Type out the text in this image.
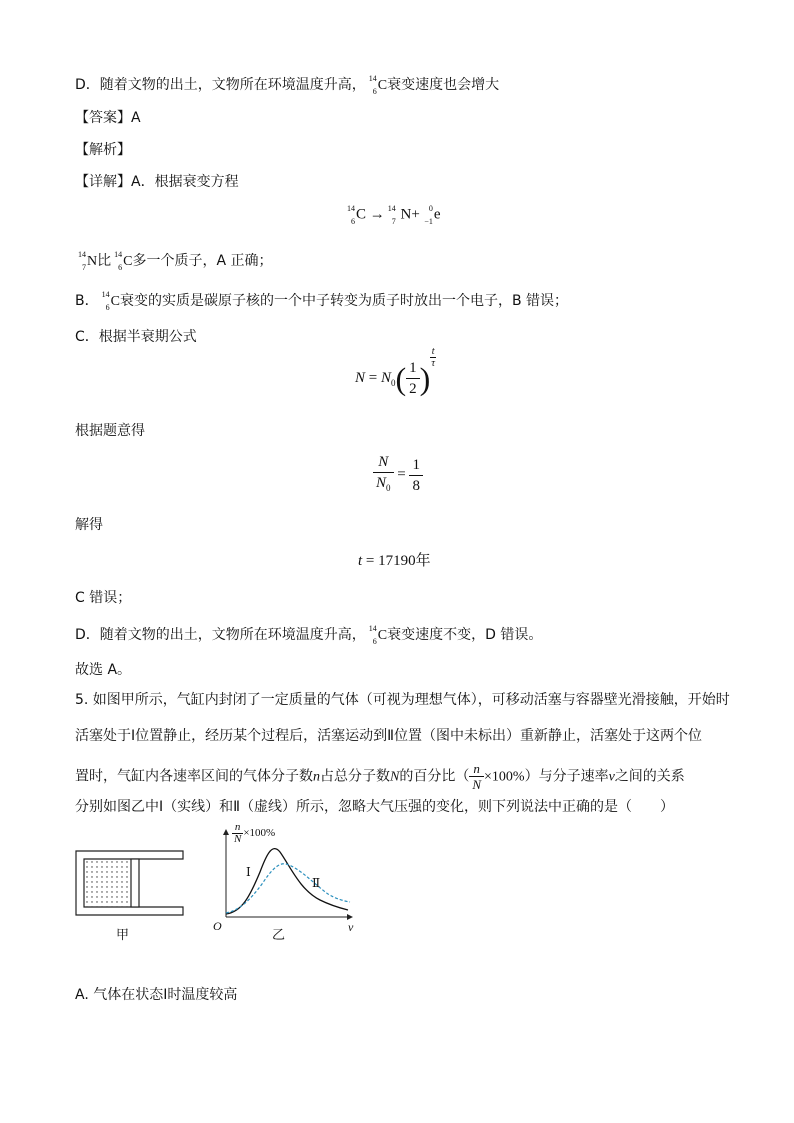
D．随着文物的出土，文物所在环境温度升高， 14
6 C衰变速度也会增大
【答案】A
【解析】
【详解】A．根据衰变方程
14
6 C → 14
7 N+ 0
−1 e
14
7 N比 14
6 C多一个质子，A 正确；
B． 14
6 C衰变的实质是碳原子核的一个中子转变为质子时放出一个电子，B 错误；
C．根据半衰期公式
$N = N_0( \frac{1}{2}$ )
$\frac{t}{\tau}$
根据题意得
$\frac{N}{N_0} = \frac{1}{8}$
解得
t = 17190年
C 错误；
D．随着文物的出土，文物所在环境温度升高， 14
6 C衰变速度不变，D 错误。
故选 A。
5. 如图甲所示，气缸内封闭了一定质量的气体（可视为理想气体），可移动活塞与容器壁光滑接触，开始时
活塞处于Ⅰ位置静止，经历某个过程后，活塞运动到Ⅱ位置（图中未标出）重新静止，活塞处于这两个位
置时，气缸内各速率区间的气体分子数n占总分子数N的百分比（ $\frac{n}{N} \times 100\%$）与分子速率v之间的关系
分别如图乙中Ⅰ（实线）和Ⅱ（虚线）所示，忽略大气压强的变化，则下列说法中正确的是（　　）
甲
$\frac{n}{N} \times 100\%$
O	v
Ⅰ
Ⅱ
乙
A. 气体在状态Ⅰ时温度较高
